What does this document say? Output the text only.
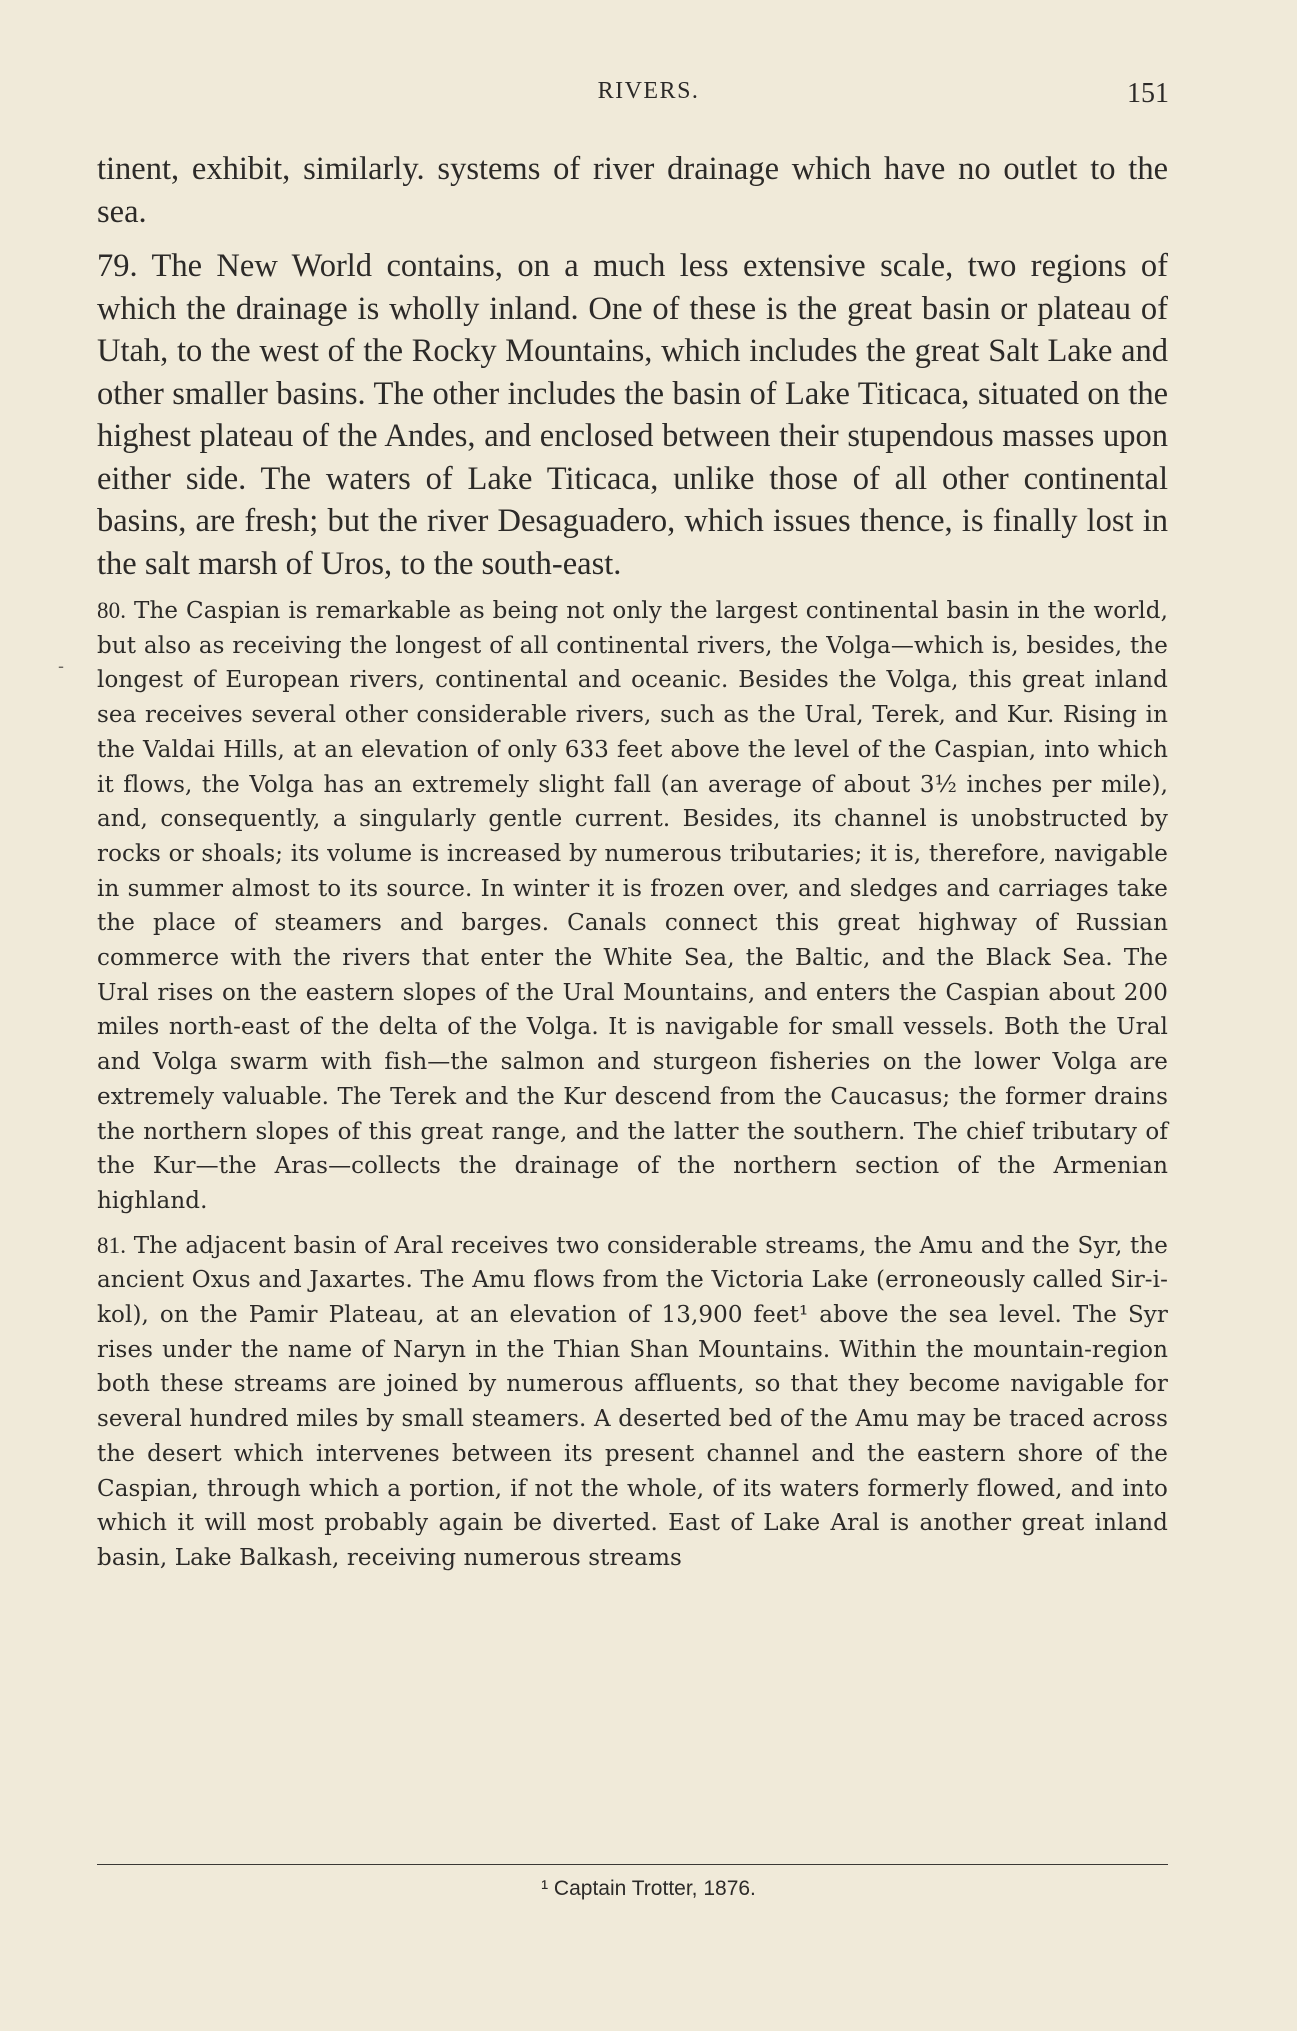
RIVERS.	151
-

tinent, exhibit, similarly. systems of river drainage which have no outlet to the sea.

79. The New World contains, on a much less extensive scale, two regions of which the drainage is wholly inland. One of these is the great basin or plateau of Utah, to the west of the Rocky Mountains, which includes the great Salt Lake and other smaller basins. The other includes the basin of Lake Titicaca, situated on the highest plateau of the Andes, and enclosed between their stupendous masses upon either side. The waters of Lake Titicaca, unlike those of all other continental basins, are fresh; but the river Desaguadero, which issues thence, is finally lost in the salt marsh of Uros, to the south-east.

80. The Caspian is remarkable as being not only the largest continental basin in the world, but also as receiving the longest of all continental rivers, the Volga—which is, besides, the longest of European rivers, continental and oceanic. Besides the Volga, this great inland sea receives several other considerable rivers, such as the Ural, Terek, and Kur. Rising in the Valdai Hills, at an elevation of only 633 feet above the level of the Caspian, into which it flows, the Volga has an extremely slight fall (an average of about 3½ inches per mile), and, consequently, a singularly gentle current. Besides, its channel is unobstructed by rocks or shoals; its volume is increased by numerous tributaries; it is, therefore, navigable in summer almost to its source. In winter it is frozen over, and sledges and carriages take the place of steamers and barges. Canals connect this great highway of Russian commerce with the rivers that enter the White Sea, the Baltic, and the Black Sea. The Ural rises on the eastern slopes of the Ural Mountains, and enters the Caspian about 200 miles north-east of the delta of the Volga. It is navigable for small vessels. Both the Ural and Volga swarm with fish—the salmon and sturgeon fisheries on the lower Volga are extremely valuable. The Terek and the Kur descend from the Caucasus; the former drains the northern slopes of this great range, and the latter the southern. The chief tributary of the Kur—the Aras—collects the drainage of the northern section of the Armenian highland.

81. The adjacent basin of Aral receives two considerable streams, the Amu and the Syr, the ancient Oxus and Jaxartes. The Amu flows from the Victoria Lake (erroneously called Sir-i-kol), on the Pamir Plateau, at an elevation of 13,900 feet¹ above the sea level. The Syr rises under the name of Naryn in the Thian Shan Mountains. Within the mountain-region both these streams are joined by numerous affluents, so that they become navigable for several hundred miles by small steamers. A deserted bed of the Amu may be traced across the desert which intervenes between its present channel and the eastern shore of the Caspian, through which a portion, if not the whole, of its waters formerly flowed, and into which it will most probably again be diverted. East of Lake Aral is another great inland basin, Lake Balkash, receiving numerous streams

¹ Captain Trotter, 1876.
